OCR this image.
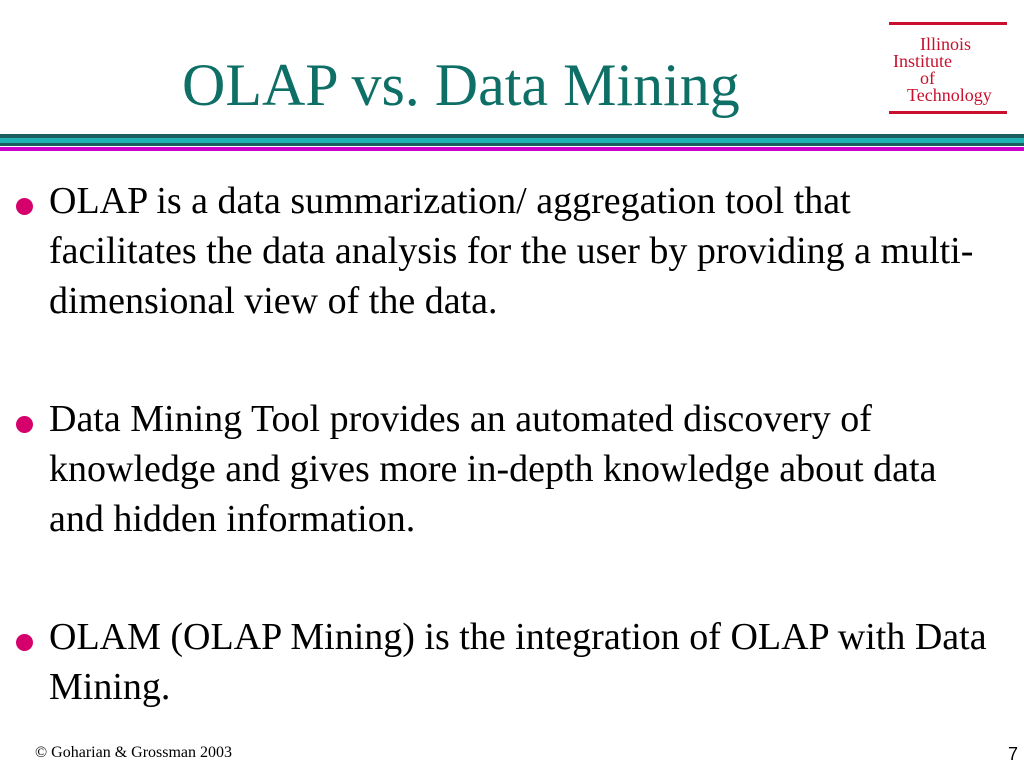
OLAP vs. Data Mining
Illinois
Institute
of
Technology
OLAP is a data summarization/ aggregation tool that facilitates the data analysis for the user by providing a multi-dimensional view of the data.
Data Mining Tool provides an automated discovery of knowledge and gives more in-depth knowledge about data and hidden information.
OLAM (OLAP Mining) is the integration of OLAP with Data Mining.
© Goharian & Grossman 2003	7
